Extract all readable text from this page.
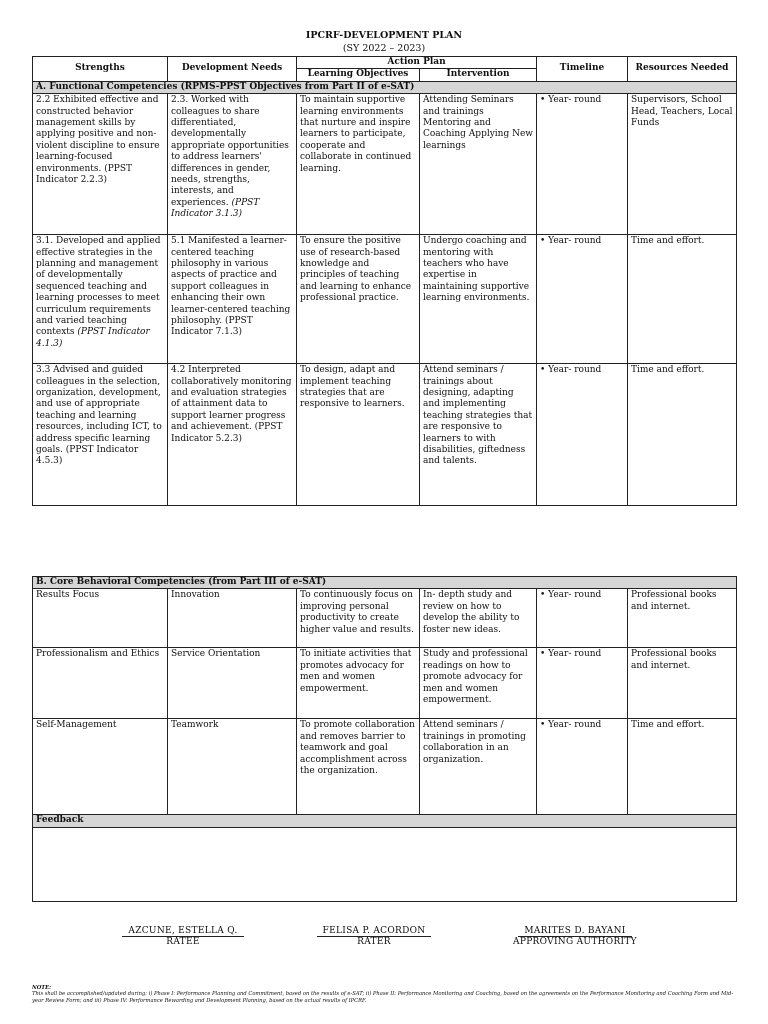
IPCRF-DEVELOPMENT PLAN
(SY 2022 – 2023)
Strengths	Development Needs	Action Plan		Timeline	Resources Needed
		Learning Objectives	Intervention		
A. Functional Competencies (RPMS-PPST Objectives from Part II of e-SAT)					
2.2 Exhibited effective and constructed behavior management skills by applying positive and non-violent discipline to ensure learning-focused environments. (PPST Indicator 2.2.3)	2.3. Worked with colleagues to share differentiated, developmentally appropriate opportunities to address learners' differences in gender, needs, strengths, interests, and experiences. (PPST Indicator 3.1.3)	To maintain supportive learning environments that nurture and inspire learners to participate, cooperate and collaborate in continued learning.	Attending Seminars and trainings Mentoring and Coaching Applying New learnings	• Year- round	Supervisors, School Head, Teachers, Local Funds
3.1. Developed and applied effective strategies in the planning and management of developmentally sequenced teaching and learning processes to meet curriculum requirements and varied teaching contexts (PPST Indicator 4.1.3)	5.1 Manifested a learner-centered teaching philosophy in various aspects of practice and support colleagues in enhancing their own learner-centered teaching philosophy. (PPST Indicator 7.1.3)	To ensure the positive use of research-based knowledge and principles of teaching and learning to enhance professional practice.	Undergo coaching and mentoring with teachers who have expertise in maintaining supportive learning environments.	• Year- round	Time and effort.
3.3 Advised and guided colleagues in the selection, organization, development, and use of appropriate teaching and learning resources, including ICT, to address specific learning goals. (PPST Indicator 4.5.3)	4.2 Interpreted collaboratively monitoring and evaluation strategies of attainment data to support learner progress and achievement. (PPST Indicator 5.2.3)	To design, adapt and implement teaching strategies that are responsive to learners.	Attend seminars / trainings about designing, adapting and implementing teaching strategies that are responsive to learners to with disabilities, giftedness and talents.	• Year- round	Time and effort.
B. Core Behavioral Competencies (from Part III of e-SAT)					
Results Focus	Innovation	To continuously focus on improving personal productivity to create higher value and results.	In- depth study and review on how to develop the ability to foster new ideas.	• Year- round	Professional books and internet.
Professionalism and Ethics	Service Orientation	To initiate activities that promotes advocacy for men and women empowerment.	Study and professional readings on how to promote advocacy for men and women empowerment.	• Year- round	Professional books and internet.
Self-Management	Teamwork	To promote collaboration and removes barrier to teamwork and goal accomplishment across the organization.	Attend seminars / trainings in promoting collaboration in an organization.	• Year- round	Time and effort.
Feedback					

AZCUNE, ESTELLA Q.
RATEE
FELISA P. ACORDON
RATER
MARITES D. BAYANI
APPROVING AUTHORITY
NOTE:
This shall be accomplished/updated during: i) Phase I: Performance Planning and Commitment, based on the results of e-SAT; ii) Phase II: Performance Monitoring and Coaching, based on the agreements on the Performance Monitoring and Coaching Form and Mid-year Review Form; and iii) Phase IV: Performance Rewarding and Development Planning, based on the actual results of IPCRF.
